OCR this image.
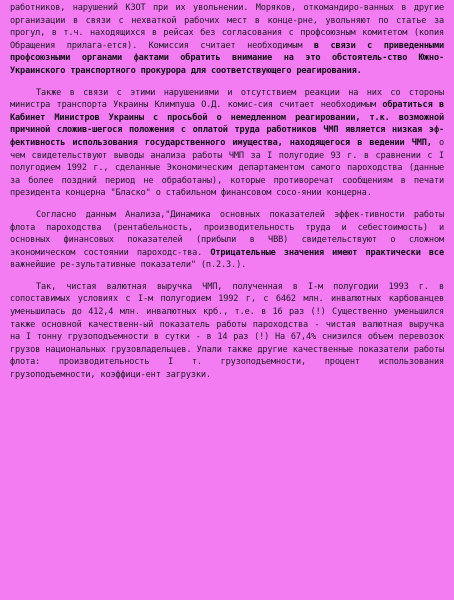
работников, нарушений КЗОТ при их увольнении. Моряков, откомандиро-ванных в другие организации в связи с нехваткой рабочих мест в конце-рне, увольняют по статье за прогул, в т.ч. находящихся в рейсах без согласования с профсоюзным комитетом (копия Обращения прилага-ется). Комиссия считает необходимым в связи с приведенными профсоюзными органами фактами обратить внимание на это обстоятель-ство Южно-Украинского транспортного прокурора для соответствующего реагирования.

Также в связи с этими нарушениями и отсутствием реакции на них со стороны министра транспорта Украины Климпуша О.Д. комис-сия считает необходимым обратиться в Кабинет Министров Украины с просьбой о немедленном реагировании, т.к. возможной причиной сложив-шегося положения с оплатой труда работников ЧМП является низкая эф-фективность использования государственного имущества, находящегося в ведении ЧМП, о чем свидетельствуют выводы анализа работы ЧМП за I полугодие 93 г. в сравнении с I полугодием 1992 г., сделанные Экономическим департаментом самого пароходства (данные за более поздний период не обработаны), которые противоречат сообщениям в печати президента концерна "Бласко" о стабильном финансовом сосо-янии концерна.

Согласно данным Анализа,"Динамика основных показателей эффек-тивности работы флота пароходства (рентабельность, производительность труда и себестоимость) и основных финансовых показателей (прибыли в ЧВВ) свидетельствуют о сложном экономическом состоянии пароходс-тва. Отрицательные значения имеют практически все важнейшие ре-зультативные показатели" (п.2.3.).

Так, чистая валютная выручка ЧМП, полученная в I-м полугодии 1993 г. в сопоставимых условиях с I-м полугодием 1992 г, с 6462 млн. инвалютных карбованцев уменьшилась до 412,4 млн. инвалютных крб., т.е. в 16 раз (!) Существенно уменьшился также основной качественн-ый показатель работы пароходства - чистая валютная выручка на I тонну грузоподъемности в сутки - в 14 раз (!) На 67,4% снизился объем перевозок грузов национальных грузовладельцев. Упали также другие качественные показатели работы флота: производительность I т. грузоподъемности, процент использования грузоподъемности, коэффици-ент загрузки.
